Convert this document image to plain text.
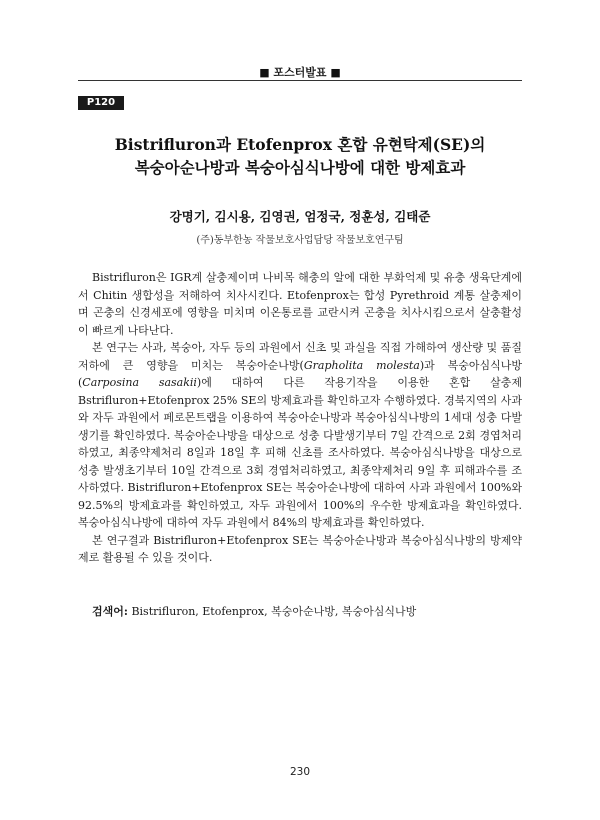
■ 포스터발표 ■
P120
Bistrifluron과 Etofenprox 혼합 유현탁제(SE)의
복숭아순나방과 복숭아심식나방에 대한 방제효과
강명기, 김시용, 김영권, 엄정국, 정훈성, 김태준
(주)동부한농 작물보호사업담당 작물보호연구팀

Bistrifluron은 IGR계 살충제이며 나비목 해충의 알에 대한 부화억제 및 유충 생육단계에서 Chitin 생합성을 저해하여 치사시킨다. Etofenprox는 합성 Pyrethroid 계통 살충제이며 곤충의 신경세포에 영향을 미치며 이온통로를 교란시켜 곤충을 치사시킴으로서 살충활성이 빠르게 나타난다.

본 연구는 사과, 복숭아, 자두 등의 과원에서 신초 및 과실을 직접 가해하여 생산량 및 품질저하에 큰 영향을 미치는 복숭아순나방(Grapholita molesta)과 복숭아심식나방(Carposina sasakii)에 대하여 다른 작용기작을 이용한 혼합 살충제 Bstrifluron+Etofenprox 25% SE의 방제효과를 확인하고자 수행하였다. 경북지역의 사과와 자두 과원에서 페로몬트랩을 이용하여 복숭아순나방과 복숭아심식나방의 1세대 성충 다발생기를 확인하였다. 복숭아순나방을 대상으로 성충 다발생기부터 7일 간격으로 2회 경엽처리하였고, 최종약제처리 8일과 18일 후 피해 신초를 조사하였다. 복숭아심식나방을 대상으로 성충 발생초기부터 10일 간격으로 3회 경엽처리하였고, 최종약제처리 9일 후 피해과수를 조사하였다. Bistrifluron+Etofenprox SE는 복숭아순나방에 대하여 사과 과원에서 100%와 92.5%의 방제효과를 확인하였고, 자두 과원에서 100%의 우수한 방제효과을 확인하였다. 복숭아심식나방에 대하여 자두 과원에서 84%의 방제효과를 확인하였다.

본 연구결과 Bistrifluron+Etofenprox SE는 복숭아순나방과 복숭아심식나방의 방제약제로 활용될 수 있을 것이다.

검색어: Bistrifluron, Etofenprox, 복숭아순나방, 복숭아심식나방
230
